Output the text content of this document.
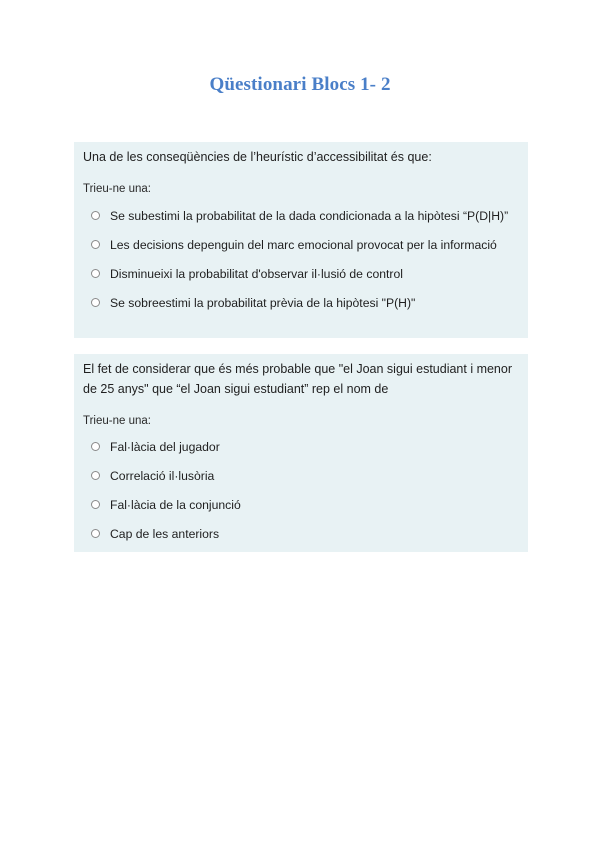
Qüestionari Blocs 1- 2
Una de les conseqüències de l’heurístic d’accessibilitat és que:
Trieu-ne una:
Se subestimi la probabilitat de la dada condicionada a la hipòtesi “P(D|H)”
Les decisions depenguin del marc emocional provocat per la informació
Disminueixi la probabilitat d'observar il·lusió de control
Se sobreestimi la probabilitat prèvia de la hipòtesi "P(H)"
El fet de considerar que és més probable que "el Joan sigui estudiant i menor de 25 anys" que “el Joan sigui estudiant” rep el nom de
Trieu-ne una:
Fal·làcia del jugador
Correlació il·lusòria
Fal·làcia de la conjunció
Cap de les anteriors
